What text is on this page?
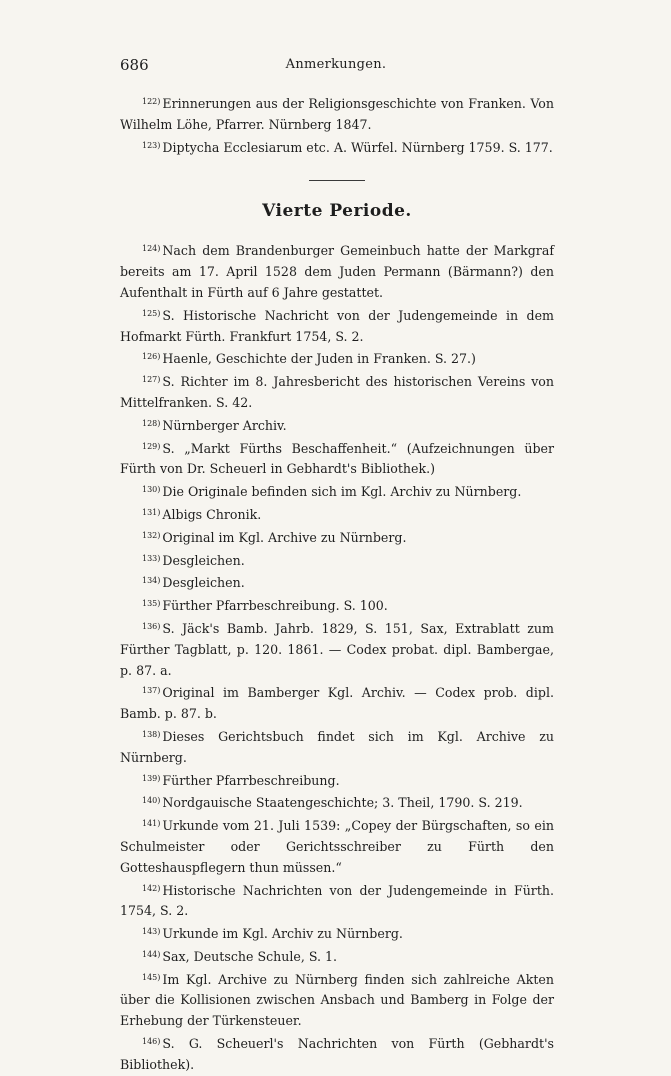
686	Anmerkungen.

$^{122)}$ Erinnerungen aus der Religionsgeschichte von Franken. Von Wilhelm Löhe, Pfarrer. Nürnberg 1847.

$^{123)}$ Diptycha Ecclesiarum etc. A. Würfel. Nürnberg 1759. S. 177.

Vierte Periode.

$^{124)}$ Nach dem Brandenburger Gemeinbuch hatte der Markgraf bereits am 17. April 1528 dem Juden Permann (Bärmann?) den Aufenthalt in Fürth auf 6 Jahre gestattet.

$^{125)}$ S. Historische Nachricht von der Judengemeinde in dem Hofmarkt Fürth. Frankfurt 1754, S. 2.

$^{126)}$ Haenle, Geschichte der Juden in Franken. S. 27.)

$^{127)}$ S. Richter im 8. Jahresbericht des historischen Vereins von Mittelfranken. S. 42.

$^{128)}$ Nürnberger Archiv.

$^{129)}$ S. „Markt Fürths Beschaffenheit.“ (Aufzeichnungen über Fürth von Dr. Scheuerl in Gebhardt's Bibliothek.)

$^{130)}$ Die Originale befinden sich im Kgl. Archiv zu Nürnberg.

$^{131)}$ Albigs Chronik.

$^{132)}$ Original im Kgl. Archive zu Nürnberg.

$^{133)}$ Desgleichen.

$^{134)}$ Desgleichen.

$^{135)}$ Fürther Pfarrbeschreibung. S. 100.

$^{136)}$ S. Jäck's Bamb. Jahrb. 1829, S. 151, Sax, Extrablatt zum Fürther Tagblatt, p. 120. 1861. — Codex probat. dipl. Bambergae, p. 87. a.

$^{137)}$ Original im Bamberger Kgl. Archiv. — Codex prob. dipl. Bamb. p. 87. b.

$^{138)}$ Dieses Gerichtsbuch findet sich im Kgl. Archive zu Nürnberg.

$^{139)}$ Fürther Pfarrbeschreibung.

$^{140)}$ Nordgauische Staatengeschichte; 3. Theil, 1790. S. 219.

$^{141)}$ Urkunde vom 21. Juli 1539: „Copey der Bürgschaften, so ein Schulmeister oder Gerichtsschreiber zu Fürth den Gotteshauspflegern thun müssen.“

$^{142)}$ Historische Nachrichten von der Judengemeinde in Fürth. 1754, S. 2.

$^{143)}$ Urkunde im Kgl. Archiv zu Nürnberg.

$^{144)}$ Sax, Deutsche Schule, S. 1.

$^{145)}$ Im Kgl. Archive zu Nürnberg finden sich zahlreiche Akten über die Kollisionen zwischen Ansbach und Bamberg in Folge der Erhebung der Türkensteuer.

$^{146)}$ S. G. Scheuerl's Nachrichten von Fürth (Gebhardt's Bibliothek).
